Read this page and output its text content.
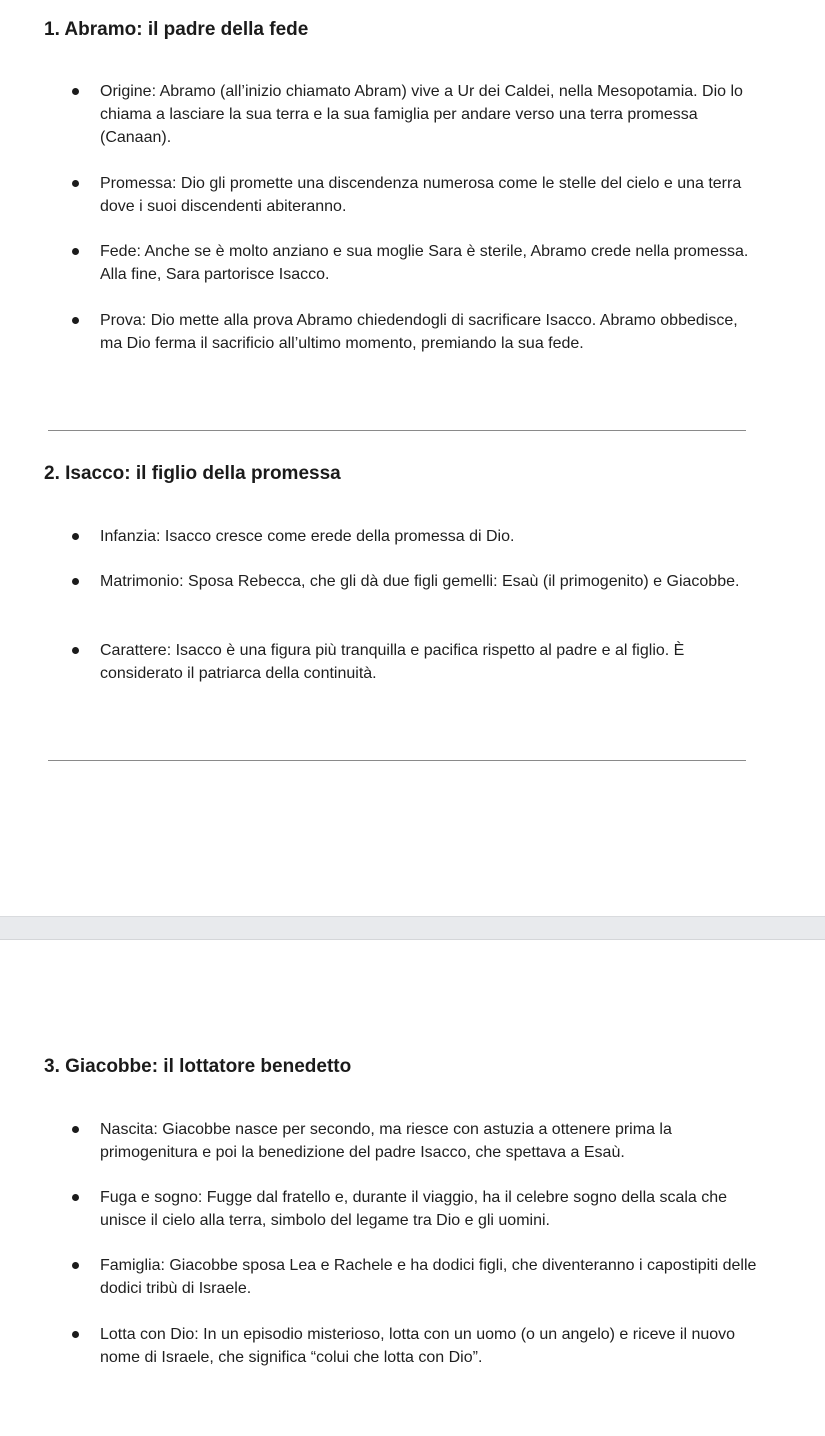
1. Abramo: il padre della fede

Origine: Abramo (all’inizio chiamato Abram) vive a Ur dei Caldei, nella Mesopotamia. Dio lo chiama a lasciare la sua terra e la sua famiglia per andare verso una terra promessa (Canaan).

Promessa: Dio gli promette una discendenza numerosa come le stelle del cielo e una terra dove i suoi discendenti abiteranno.

Fede: Anche se è molto anziano e sua moglie Sara è sterile, Abramo crede nella promessa. Alla fine, Sara partorisce Isacco.

Prova: Dio mette alla prova Abramo chiedendogli di sacrificare Isacco. Abramo obbedisce, ma Dio ferma il sacrificio all’ultimo momento, premiando la sua fede.

2. Isacco: il figlio della promessa

Infanzia: Isacco cresce come erede della promessa di Dio.

Matrimonio: Sposa Rebecca, che gli dà due figli gemelli: Esaù (il primogenito) e Giacobbe.

Carattere: Isacco è una figura più tranquilla e pacifica rispetto al padre e al figlio. È considerato il patriarca della continuità.

3. Giacobbe: il lottatore benedetto

Nascita: Giacobbe nasce per secondo, ma riesce con astuzia a ottenere prima la primogenitura e poi la benedizione del padre Isacco, che spettava a Esaù.

Fuga e sogno: Fugge dal fratello e, durante il viaggio, ha il celebre sogno della scala che unisce il cielo alla terra, simbolo del legame tra Dio e gli uomini.

Famiglia: Giacobbe sposa Lea e Rachele e ha dodici figli, che diventeranno i capostipiti delle dodici tribù di Israele.

Lotta con Dio: In un episodio misterioso, lotta con un uomo (o un angelo) e riceve il nuovo nome di Israele, che significa “colui che lotta con Dio”.
